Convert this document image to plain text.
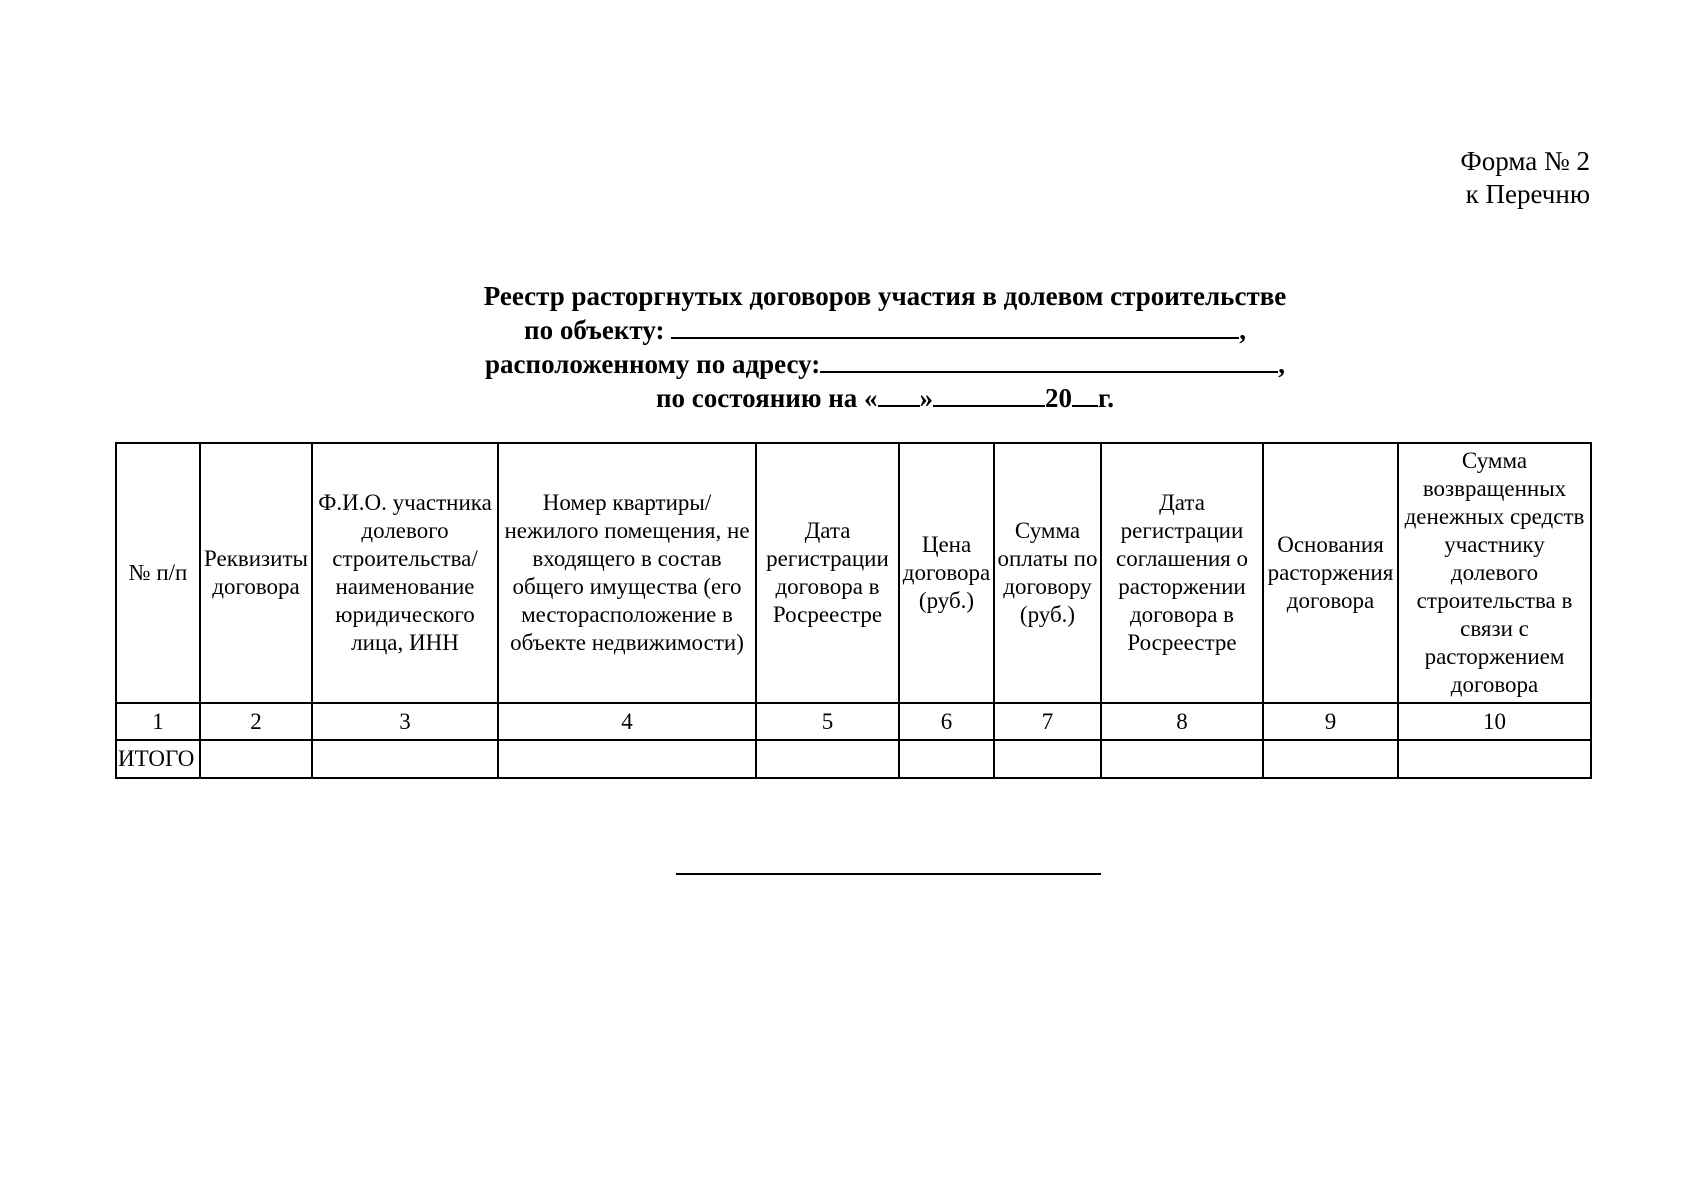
Форма № 2
к Перечню
Реестр расторгнутых договоров участия в долевом строительстве
по объекту:	,
расположенному по адресу:	,
по состоянию на « »	20 г.
№ п/п	Реквизиты договора	Ф.И.О. участника долевого строительства/ наименование юридического лица, ИНН	Номер квартиры/ нежилого помещения, не входящего в состав общего имущества (его месторасположение в объекте недвижимости)	Дата регистрации договора в Росреестре	Цена договора (руб.)	Сумма оплаты по договору (руб.)	Дата регистрации соглашения о расторжении договора в Росреестре	Основания расторжения договора	Сумма возвращенных денежных средств участнику долевого строительства в связи с расторжением договора
1	2	3	4	5	6	7	8	9	10
ИТОГО									
